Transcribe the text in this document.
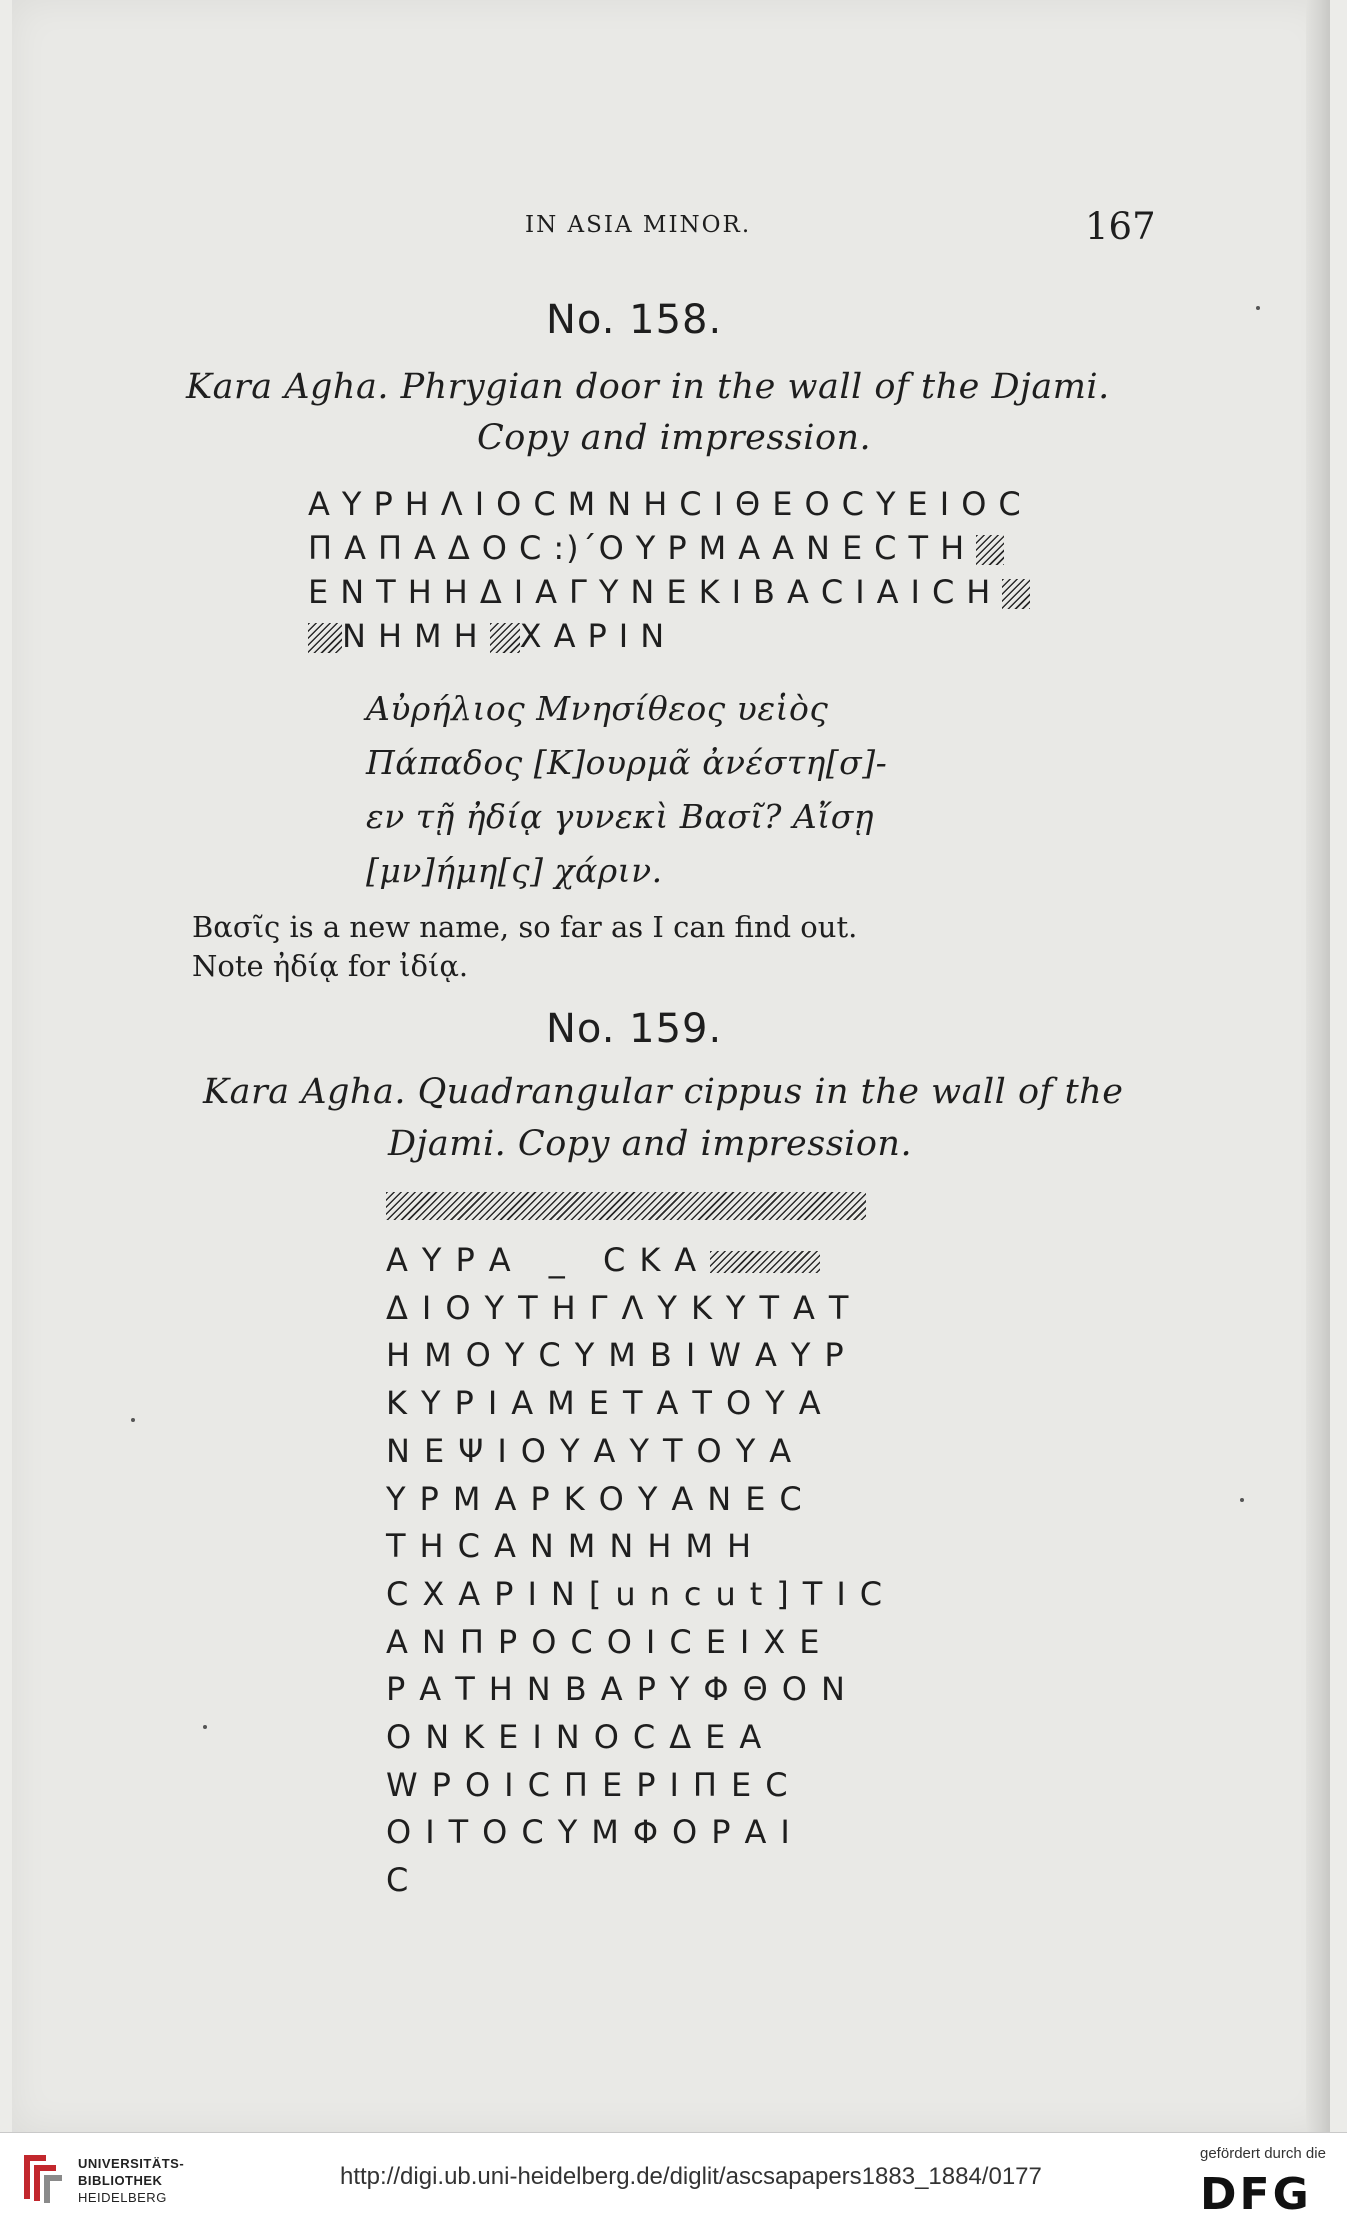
IN ASIA MINOR.	167
No. 158.
Kara Agha. Phrygian door in the wall of the Djami.
Copy and impression.
ΑΥΡΗΛΙΟCΜΝΗCΙΘΕΟCΥΕΙΟC
ΠΑΠΑΔΟC:)´ΟΥΡΜΑΑΝΕCΤΗ
ΕΝΤΗΗΔΙΑΓΥΝΕΚΙΒΑCΙΑΙCΗ
ΝΗΜΗ ΧΑΡΙΝ
Αὐρήλιος Μνησίθεος υεἱὸς
Πάπαδος [Κ]ουρμᾶ ἀνέστη[σ]-
εν τῇ ἠδίᾳ γυνεκὶ Βασῖ? Αἴσῃ
[μν]ήμη[ς] χάριν.
Βασῖς is a new name, so far as I can find out.
Note ἠδίᾳ for ἰδίᾳ.
No. 159.
Kara Agha. Quadrangular cippus in the wall of the
Djami. Copy and impression.
ΑΥΡΑ _ CΚΑ
ΔΙΟΥΤΗΓΛΥΚΥΤΑΤ
ΗΜΟΥCΥΜΒΙWΑΥΡ
ΚΥΡΙΑΜΕΤΑΤΟΥΑ
ΝΕΨΙΟΥΑΥΤΟΥΑ
ΥΡΜΑΡΚΟΥΑΝΕC
ΤΗCΑΝΜΝΗΜΗ
CΧΑΡΙΝ[uncut]ΤΙC
ΑΝΠΡΟCΟΙCΕΙΧΕ
ΡΑΤΗΝΒΑΡΥΦΘΟΝ
ΟΝΚΕΙΝΟCΔΕΑ
WΡΟΙCΠΕΡΙΠΕC
ΟΙΤΟCΥΜΦΟΡΑΙ
C
UNIVERSITÄTS-
BIBLIOTHEK
HEIDELBERG
http://digi.ub.uni-heidelberg.de/diglit/ascsapapers1883_1884/0177
gefördert durch die
DFG
